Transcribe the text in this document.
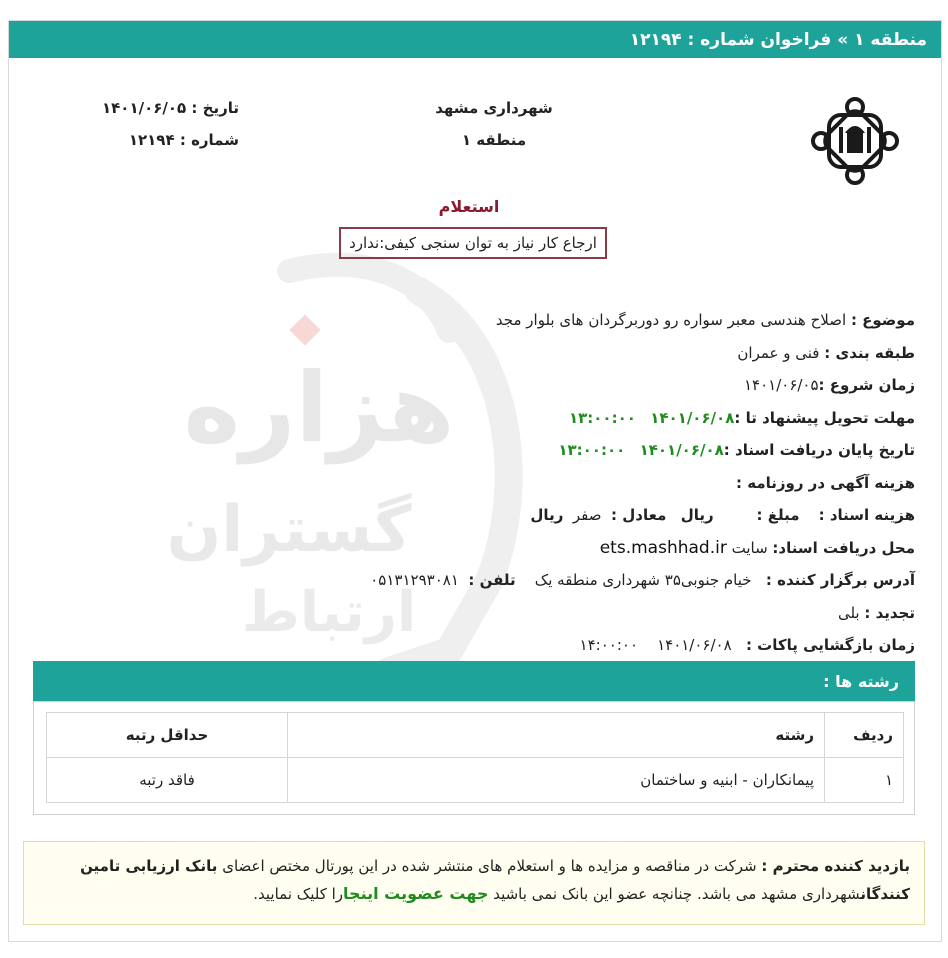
منطقه ۱ » فراخوان شماره : ۱۲۱۹۴
هزاره
گستران
ارتباط
شهرداری مشهد
منطقه ۱
تاریخ : ۱۴۰۱/۰۶/۰۵
شماره : ۱۲۱۹۴
استعلام
ارجاع کار نیاز به توان سنجی کیفی:ندارد
موضوع : اصلاح هندسی معبر سواره رو دوربرگردان های بلوار مجد
طبقه بندی : فنی و عمران
زمان شروع :۱۴۰۱/۰۶/۰۵
مهلت تحویل پیشنهاد تا :۱۴۰۱/۰۶/۰۸   ۱۳:۰۰:۰۰
تاریخ پایان دریافت اسناد :۱۴۰۱/۰۶/۰۸   ۱۳:۰۰:۰۰
هزینه آگهی در روزنامه :
هزینه اسناد :    مبلغ :         ریال   معادل :  صفر  ریال
محل دریافت اسناد: سایت ets.mashhad.ir
آدرس برگزار کننده :   خیام جنوبی۳۵ شهرداری منطقه یک    تلفن :  ۰۵۱۳۱۲۹۳۰۸۱
تجدید : بلی
زمان بازگشایی پاکات :   ۱۴۰۱/۰۶/۰۸    ۱۴:۰۰:۰۰
رشته ها :
ردیف	رشته	حداقل رتبه
۱	پیمانکاران - ابنیه و ساختمان	فاقد رتبه
بازدید کننده محترم : شرکت در مناقصه و مزایده ها و استعلام های منتشر شده در این پورتال مختص اعضای بانک ارزیابی تامین کنندگانشهرداری مشهد می باشد. چنانچه عضو این بانک نمی باشید جهت عضویت اینجارا کلیک نمایید.
